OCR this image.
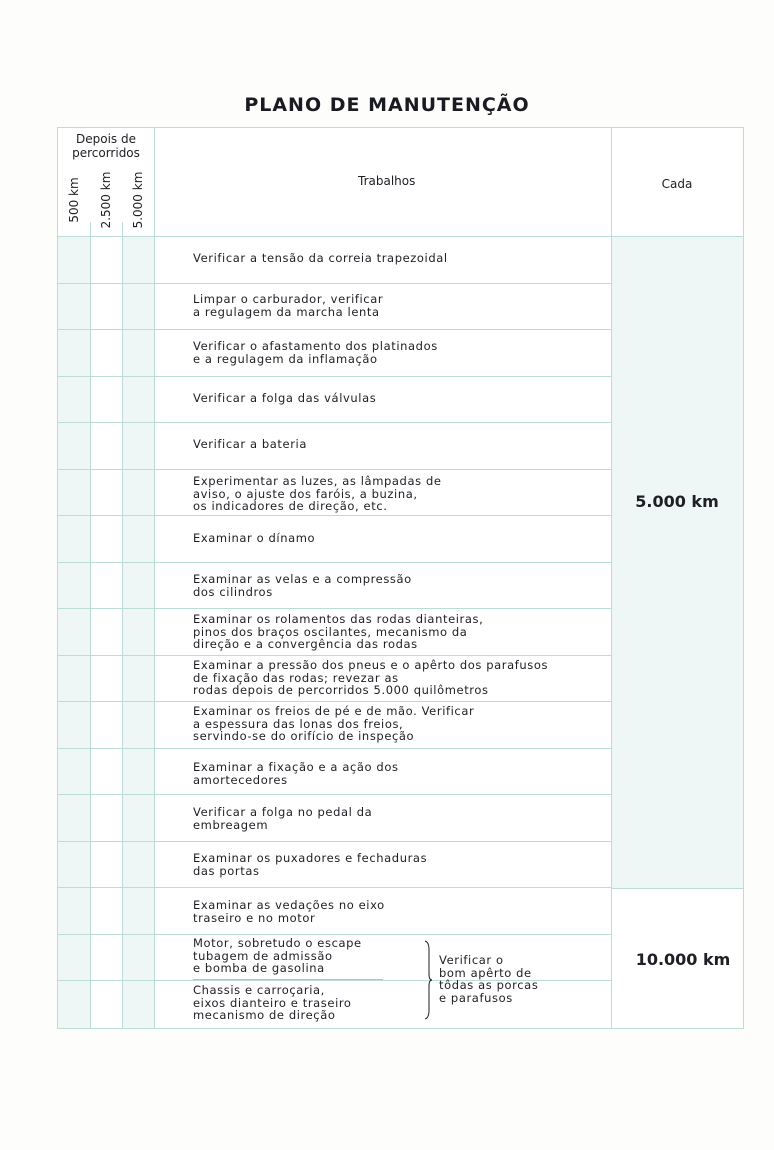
PLANO DE MANUTENÇÃO
Depois de
percorridos
500 km 2.500 km 5.000 km	Trabalhos	Cada
Verificar a tensão da correia trapezoidal
Limpar o carburador, verificar
a regulagem da marcha lenta
Verificar o afastamento dos platinados
e a regulagem da inflamação
Verificar a folga das válvulas
Verificar a bateria
Experimentar as luzes, as lâmpadas de
aviso, o ajuste dos faróis, a buzina,
os indicadores de direção, etc.
Examinar o dínamo
Examinar as velas e a compressão
dos cilindros
Examinar os rolamentos das rodas dianteiras,
pinos dos braços oscilantes, mecanismo da
direção e a convergência das rodas
Examinar a pressão dos pneus e o apêrto dos parafusos
de fixação das rodas; revezar as
rodas depois de percorridos 5.000 quilômetros
Examinar os freios de pé e de mão. Verificar
a espessura das lonas dos freios,
servindo-se do orifício de inspeção
Examinar a fixação e a ação dos
amortecedores
Verificar a folga no pedal da
embreagem
Examinar os puxadores e fechaduras
das portas
Examinar as vedações no eixo
traseiro e no motor
Motor, sobretudo o escape
tubagem de admissão
e bomba de gasolina
Chassis e carroçaria,
eixos dianteiro e traseiro
mecanismo de direção
Verificar o
bom apêrto de
tôdas as porcas
e parafusos
5.000 km
10.000 km
